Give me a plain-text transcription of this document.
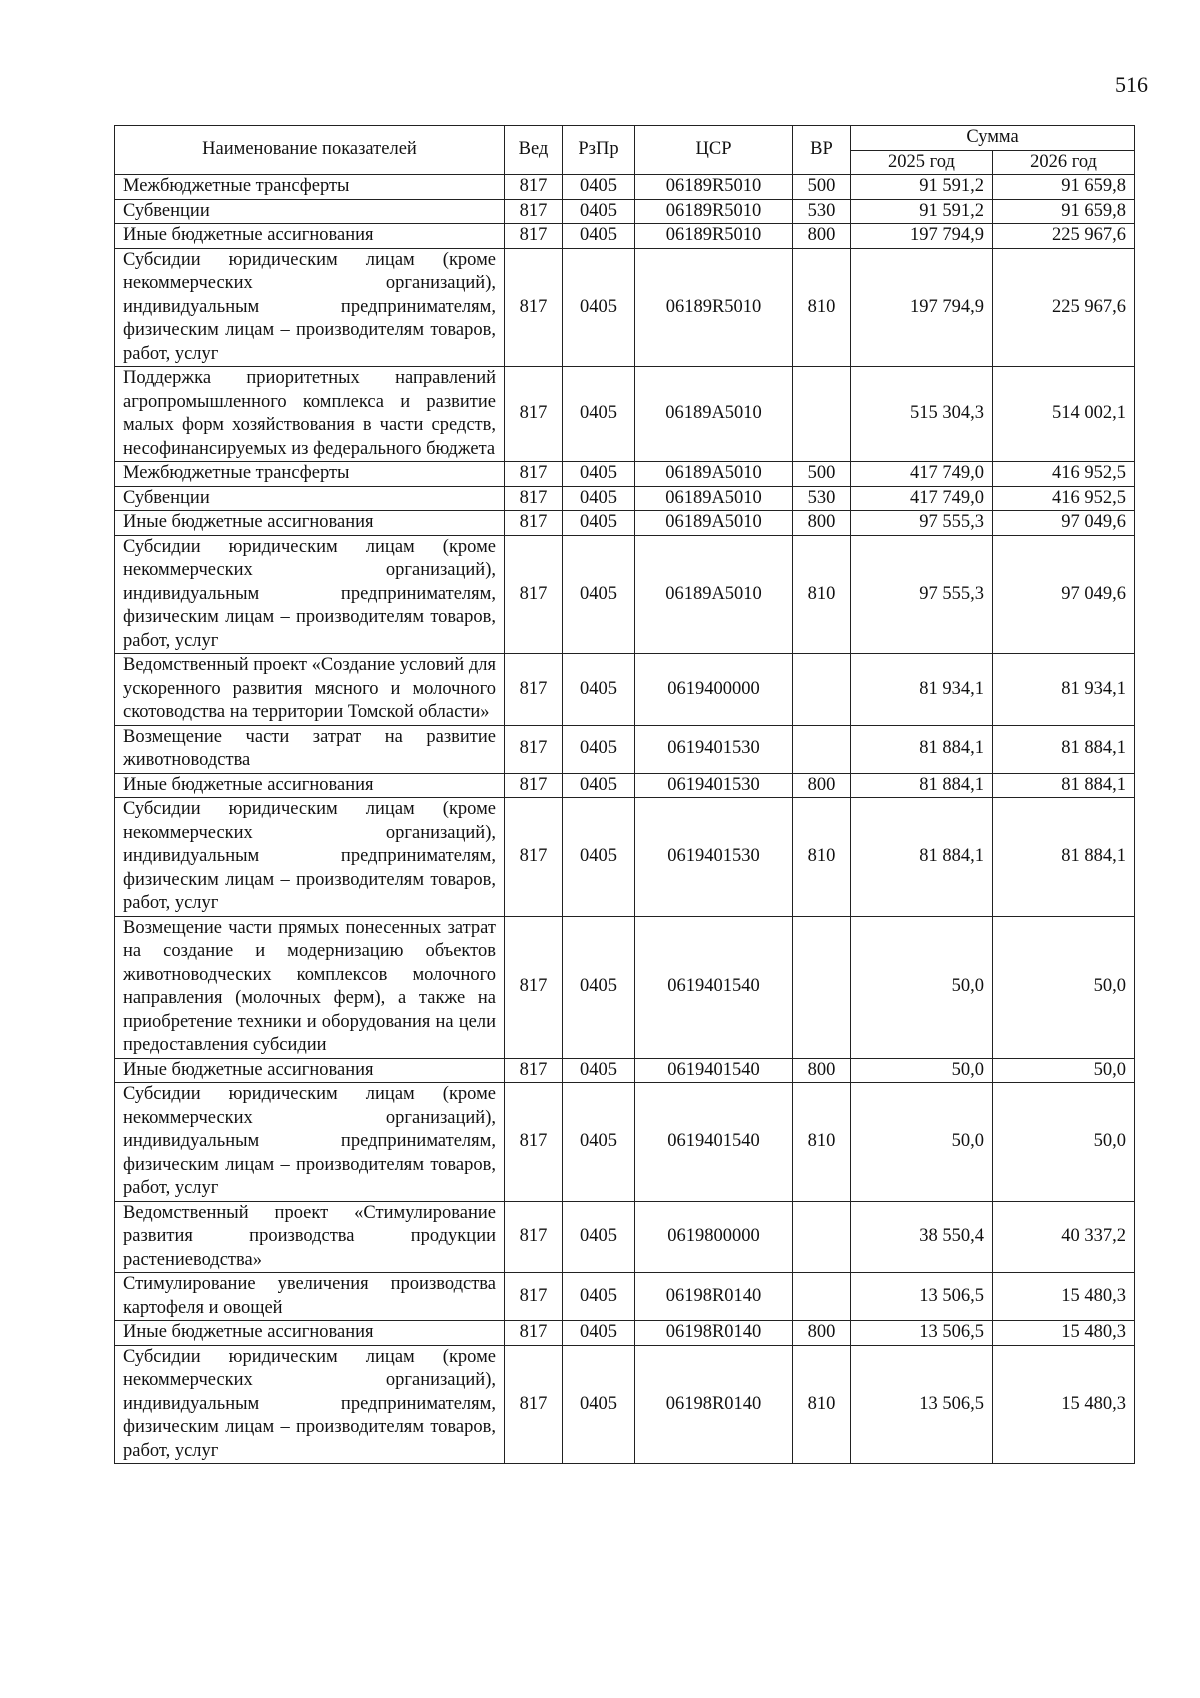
516
Наименование показателей	Вед	РзПр	ЦСР	ВР	Сумма	
					2025 год	2026 год
Межбюджетные трансферты	817	0405	06189R5010	500	91 591,2	91 659,8
Субвенции	817	0405	06189R5010	530	91 591,2	91 659,8
Иные бюджетные ассигнования	817	0405	06189R5010	800	197 794,9	225 967,6
Субсидии юридическим лицам (кроме некоммерческих организаций), индивидуальным предпринимателям, физическим лицам – производителям товаров, работ, услуг	817	0405	06189R5010	810	197 794,9	225 967,6
Поддержка приоритетных направлений агропромышленного комплекса и развитие малых форм хозяйствования в части средств, несофинансируемых из федерального бюджета	817	0405	06189A5010		515 304,3	514 002,1
Межбюджетные трансферты	817	0405	06189A5010	500	417 749,0	416 952,5
Субвенции	817	0405	06189A5010	530	417 749,0	416 952,5
Иные бюджетные ассигнования	817	0405	06189A5010	800	97 555,3	97 049,6
Субсидии юридическим лицам (кроме некоммерческих организаций), индивидуальным предпринимателям, физическим лицам – производителям товаров, работ, услуг	817	0405	06189A5010	810	97 555,3	97 049,6
Ведомственный проект «Создание условий для ускоренного развития мясного и молочного скотоводства на территории Томской области»	817	0405	0619400000		81 934,1	81 934,1
Возмещение части затрат на развитие животноводства	817	0405	0619401530		81 884,1	81 884,1
Иные бюджетные ассигнования	817	0405	0619401530	800	81 884,1	81 884,1
Субсидии юридическим лицам (кроме некоммерческих организаций), индивидуальным предпринимателям, физическим лицам – производителям товаров, работ, услуг	817	0405	0619401530	810	81 884,1	81 884,1
Возмещение части прямых понесенных затрат на создание и модернизацию объектов животноводческих комплексов молочного направления (молочных ферм), а также на приобретение техники и оборудования на цели предоставления субсидии	817	0405	0619401540		50,0	50,0
Иные бюджетные ассигнования	817	0405	0619401540	800	50,0	50,0
Субсидии юридическим лицам (кроме некоммерческих организаций), индивидуальным предпринимателям, физическим лицам – производителям товаров, работ, услуг	817	0405	0619401540	810	50,0	50,0
Ведомственный проект «Стимулирование развития производства продукции растениеводства»	817	0405	0619800000		38 550,4	40 337,2
Стимулирование увеличения производства картофеля и овощей	817	0405	06198R0140		13 506,5	15 480,3
Иные бюджетные ассигнования	817	0405	06198R0140	800	13 506,5	15 480,3
Субсидии юридическим лицам (кроме некоммерческих организаций), индивидуальным предпринимателям, физическим лицам – производителям товаров, работ, услуг	817	0405	06198R0140	810	13 506,5	15 480,3
